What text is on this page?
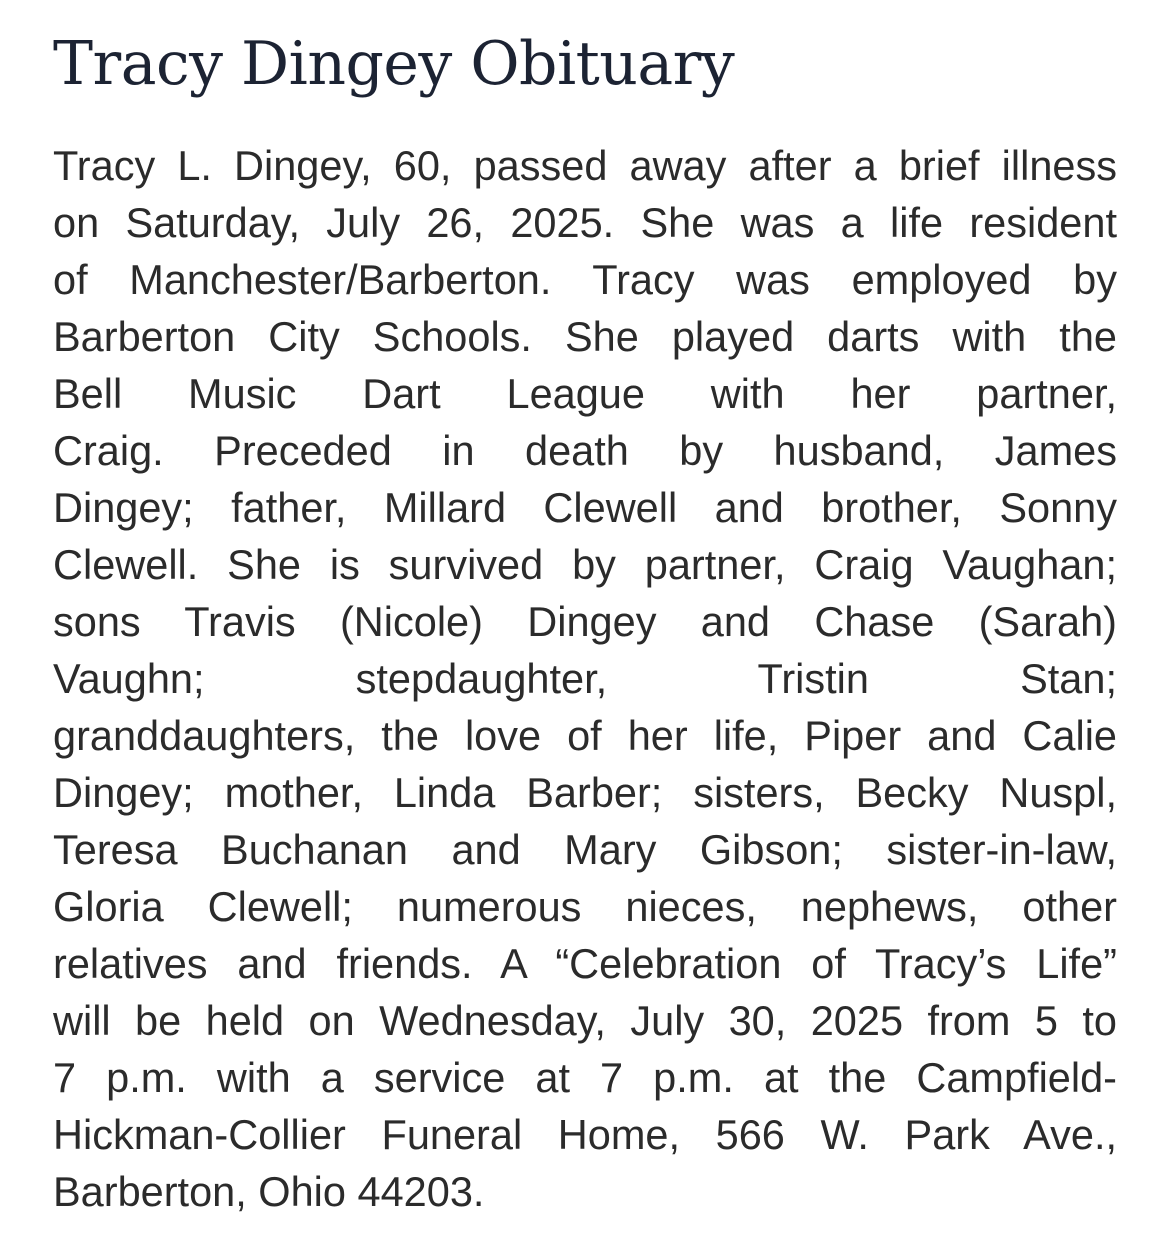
Tracy Dingey Obituary
Tracy L. Dingey, 60, passed away after a brief illness
on Saturday, July 26, 2025. She was a life resident
of Manchester/Barberton. Tracy was employed by
Barberton City Schools. She played darts with the
Bell Music Dart League with her partner,
Craig. Preceded in death by husband, James
Dingey; father, Millard Clewell and brother, Sonny
Clewell. She is survived by partner, Craig Vaughan;
sons Travis (Nicole) Dingey and Chase (Sarah)
Vaughn; stepdaughter, Tristin Stan;
granddaughters, the love of her life, Piper and Calie
Dingey; mother, Linda Barber; sisters, Becky Nuspl,
Teresa Buchanan and Mary Gibson; sister-in-law,
Gloria Clewell; numerous nieces, nephews, other
relatives and friends. A “Celebration of Tracy’s Life”
will be held on Wednesday, July 30, 2025 from 5 to
7 p.m. with a service at 7 p.m. at the Campfield-
Hickman-Collier Funeral Home, 566 W. Park Ave.,
Barberton, Ohio 44203.
